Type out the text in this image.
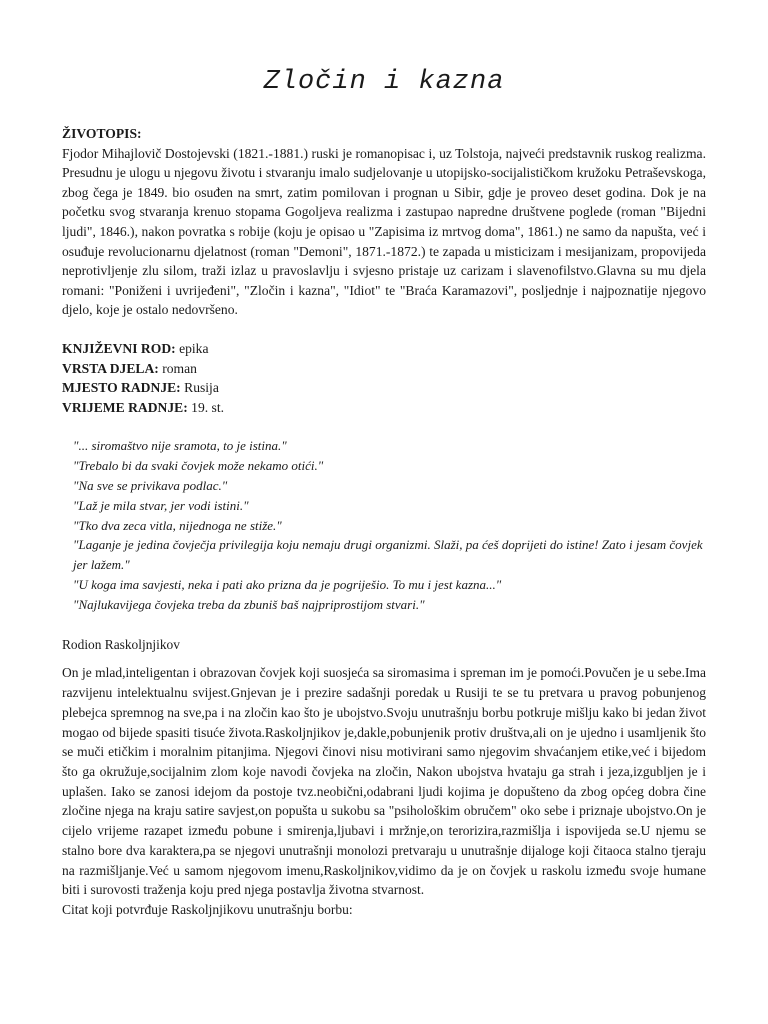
Zločin i kazna
ŽIVOTOPIS:
Fjodor Mihajlovič Dostojevski (1821.-1881.) ruski je romanopisac i, uz Tolstoja, najveći predstavnik ruskog realizma. Presudnu je ulogu u njegovu životu i stvaranju imalo sudjelovanje u utopijsko-socijalističkom kružoku Petraševskoga, zbog čega je 1849. bio osuđen na smrt, zatim pomilovan i prognan u Sibir, gdje je proveo deset godina. Dok je na početku svog stvaranja krenuo stopama Gogoljeva realizma i zastupao napredne društvene poglede (roman "Bijedni ljudi", 1846.), nakon povratka s robije (koju je opisao u "Zapisima iz mrtvog doma", 1861.) ne samo da napušta, već i osuđuje revolucionarnu djelatnost (roman "Demoni", 1871.-1872.) te zapada u misticizam i mesijanizam, propovijeda neprotivljenje zlu silom, traži izlaz u pravoslavlju i svjesno pristaje uz carizam i slavenofilstvo.Glavna su mu djela romani: "Poniženi i uvrijeđeni", "Zločin i kazna", "Idiot" te "Braća Karamazovi", posljednje i najpoznatije njegovo djelo, koje je ostalo nedovršeno.
KNJIŽEVNI ROD: epika
VRSTA DJELA: roman
MJESTO RADNJE: Rusija
VRIJEME RADNJE: 19. st.
"... siromaštvo nije sramota, to je istina."
"Trebalo bi da svaki čovjek može nekamo otići."
"Na sve se privikava podlac."
"Laž je mila stvar, jer vodi istini."
"Tko dva zeca vitla, nijednoga ne stiže."
"Laganje je jedina čovječja privilegija koju nemaju drugi organizmi. Slaži, pa ćeš doprijeti do istine! Zato i jesam čovjek jer lažem."
"U koga ima savjesti, neka i pati ako prizna da je pogriješio. To mu i jest kazna..."
"Najlukavijega čovjeka treba da zbuniš baš najpriprostijom stvari."
Rodion Raskoljnjikov
On je mlad,inteligentan i obrazovan čovjek koji suosjeća sa siromasima i spreman im je pomoći.Povučen je u sebe.Ima razvijenu intelektualnu svijest.Gnjevan je i prezire sadašnji poredak u Rusiji te se tu pretvara u pravog pobunjenog plebejca spremnog na sve,pa i na zločin kao što je ubojstvo.Svoju unutrašnju borbu potkruje mišlju kako bi jedan život mogao od bijede spasiti tisuće života.Raskoljnjikov je,dakle,pobunjenik protiv društva,ali on je ujedno i usamljenik što se muči etičkim i moralnim pitanjima. Njegovi činovi nisu motivirani samo njegovim shvaćanjem etike,već i bijedom što ga okružuje,socijalnim zlom koje navodi čovjeka na zločin, Nakon ubojstva hvataju ga strah i jeza,izgubljen je i uplašen. Iako se zanosi idejom da postoje tvz.neobični,odabrani ljudi kojima je dopušteno da zbog općeg dobra čine zločine njega na kraju satire savjest,on popušta u sukobu sa "psihološkim obručem" oko sebe i priznaje ubojstvo.On je cijelo vrijeme razapet između pobune i smirenja,ljubavi i mržnje,on terorizira,razmišlja i ispovijeda se.U njemu se stalno bore dva karaktera,pa se njegovi unutrašnji monolozi pretvaraju u unutrašnje dijaloge koji čitaoca stalno tjeraju na razmišljanje.Već u samom njegovom imenu,Raskoljnikov,vidimo da je on čovjek u raskolu između svoje humane biti i surovosti traženja koju pred njega postavlja životna stvarnost.
Citat koji potvrđuje Raskoljnjikovu unutrašnju borbu:
